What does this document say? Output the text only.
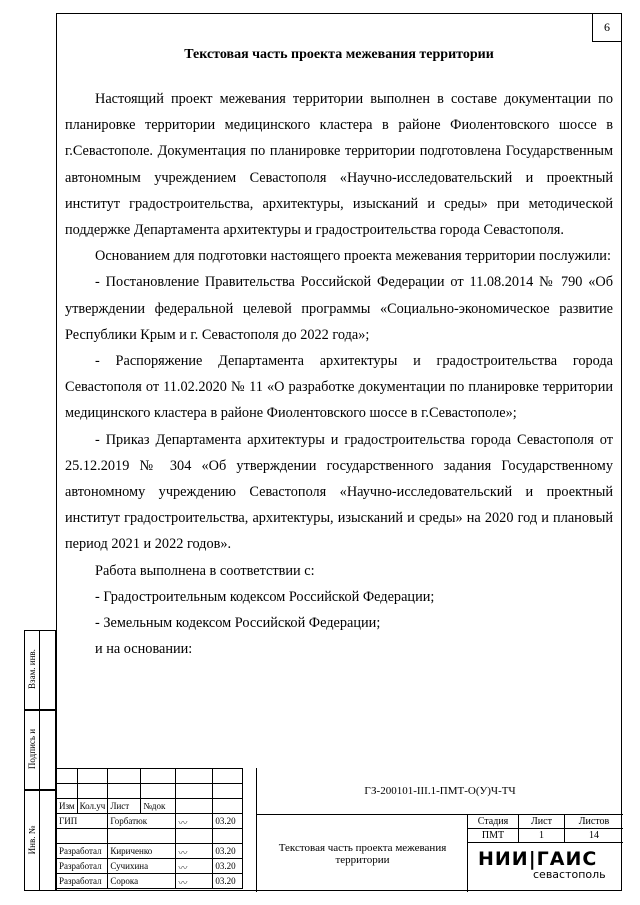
6
Текстовая часть проекта межевания территории

Настоящий проект межевания территории выполнен в составе документации по планировке территории медицинского кластера в районе Фиолентовского шоссе в г.Севастополе. Документация по планировке территории подготовлена Государственным автономным учреждением Севастополя «Научно-исследовательский и проектный институт градостроительства, архитектуры, изысканий и среды» при методической поддержке Департамента архитектуры и градостроительства города Севастополя.

Основанием для подготовки настоящего проекта межевания территории послужили:

- Постановление Правительства Российской Федерации от 11.08.2014 № 790 «Об утверждении федеральной целевой программы «Социально-экономическое развитие Республики Крым и г. Севастополя до 2022 года»;

- Распоряжение Департамента архитектуры и градостроительства города Севастополя от 11.02.2020 № 11 «О разработке документации по планировке территории медицинского кластера в районе Фиолентовского шоссе в г.Севастополе»;

- Приказ Департамента архитектуры и градостроительства города Севастополя от 25.12.2019 № 304 «Об утверждении государственного задания Государственному автономному учреждению Севастополя «Научно-исследовательский и проектный институт градостроительства, архитектуры, изысканий и среды» на 2020 год и плановый период 2021 и 2022 годов».

Работа выполнена в соответствии с:

- Градостроительным кодексом Российской Федерации;

- Земельным кодексом Российской Федерации;

и на основании:

Взам. инв.
Подпись и
Инв. №

Изм	Кол.уч	Лист	№док		
ГИП		Горбатюк		〰	03.20

Разработал		Кириченко		〰	03.20
Разработал		Сучихина		〰	03.20
Разработал		Сорока		〰	03.20
ГЗ-200101-III.1-ПМТ-О(У)Ч-ТЧ
Текстовая часть проекта межевания территории
Стадия	Лист	Листов
ПМТ	1	14
НИИ|ГАИС
севастополь
